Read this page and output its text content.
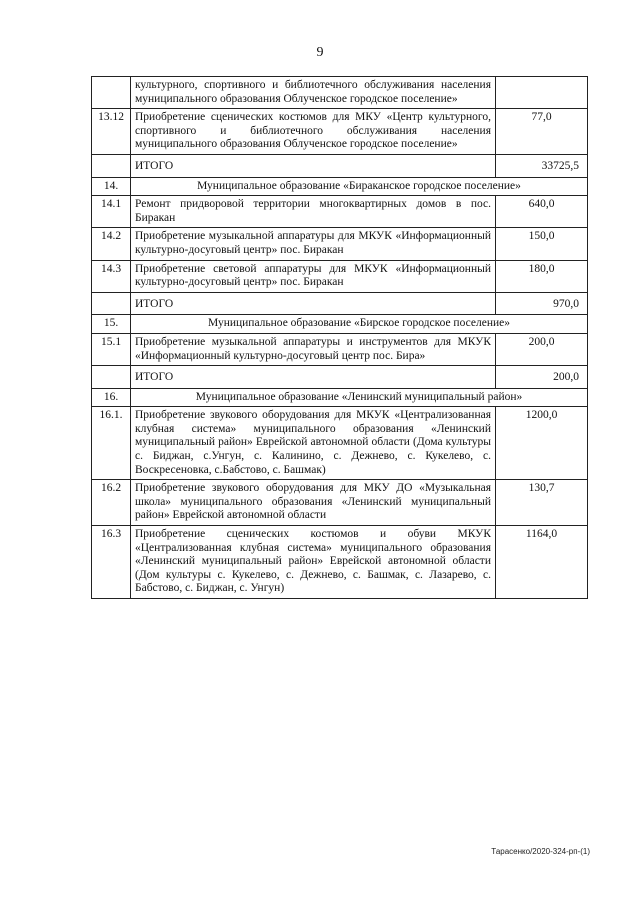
9
	культурного, спортивного и библиотечного обслуживания населения муниципального образования Облученское городское поселение»	
13.12	Приобретение сценических костюмов для МКУ «Центр культурного, спортивного и библиотечного обслуживания населения муниципального образования Облученское городское поселение»	77,0
	ИТОГО	33725,5
14.	Муниципальное образование «Бираканское городское поселение»	
14.1	Ремонт придворовой территории многоквартирных домов в пос. Биракан	640,0
14.2	Приобретение музыкальной аппаратуры для МКУК «Информационный культурно-досуговый центр» пос. Биракан	150,0
14.3	Приобретение световой аппаратуры для МКУК «Информационный культурно-досуговый центр» пос. Биракан	180,0
	ИТОГО	970,0
15.	Муниципальное образование «Бирское городское поселение»	
15.1	Приобретение музыкальной аппаратуры и инструментов для МКУК «Информационный культурно-досуговый центр пос. Бира»	200,0
	ИТОГО	200,0
16.	Муниципальное образование «Ленинский муниципальный район»	
16.1.	Приобретение звукового оборудования для МКУК «Централизованная клубная система» муниципального образования «Ленинский муниципальный район» Еврейской автономной области (Дома культуры с. Биджан, с.Унгун, с. Калинино, с. Дежнево, с. Кукелево, с. Воскресеновка, с.Бабстово, с. Башмак)	1200,0
16.2	Приобретение звукового оборудования для МКУ ДО «Музыкальная школа» муниципального образования «Ленинский муниципальный район» Еврейской автономной области	130,7
16.3	Приобретение сценических костюмов и обуви МКУК «Централизованная клубная система» муниципального образования «Ленинский муниципальный район» Еврейской автономной области (Дом культуры с. Кукелево, с. Дежнево, с. Башмак, с. Лазарево, с. Бабстово, с. Биджан, с. Унгун)	1164,0
Тарасенко/2020-324-рп-(1)
